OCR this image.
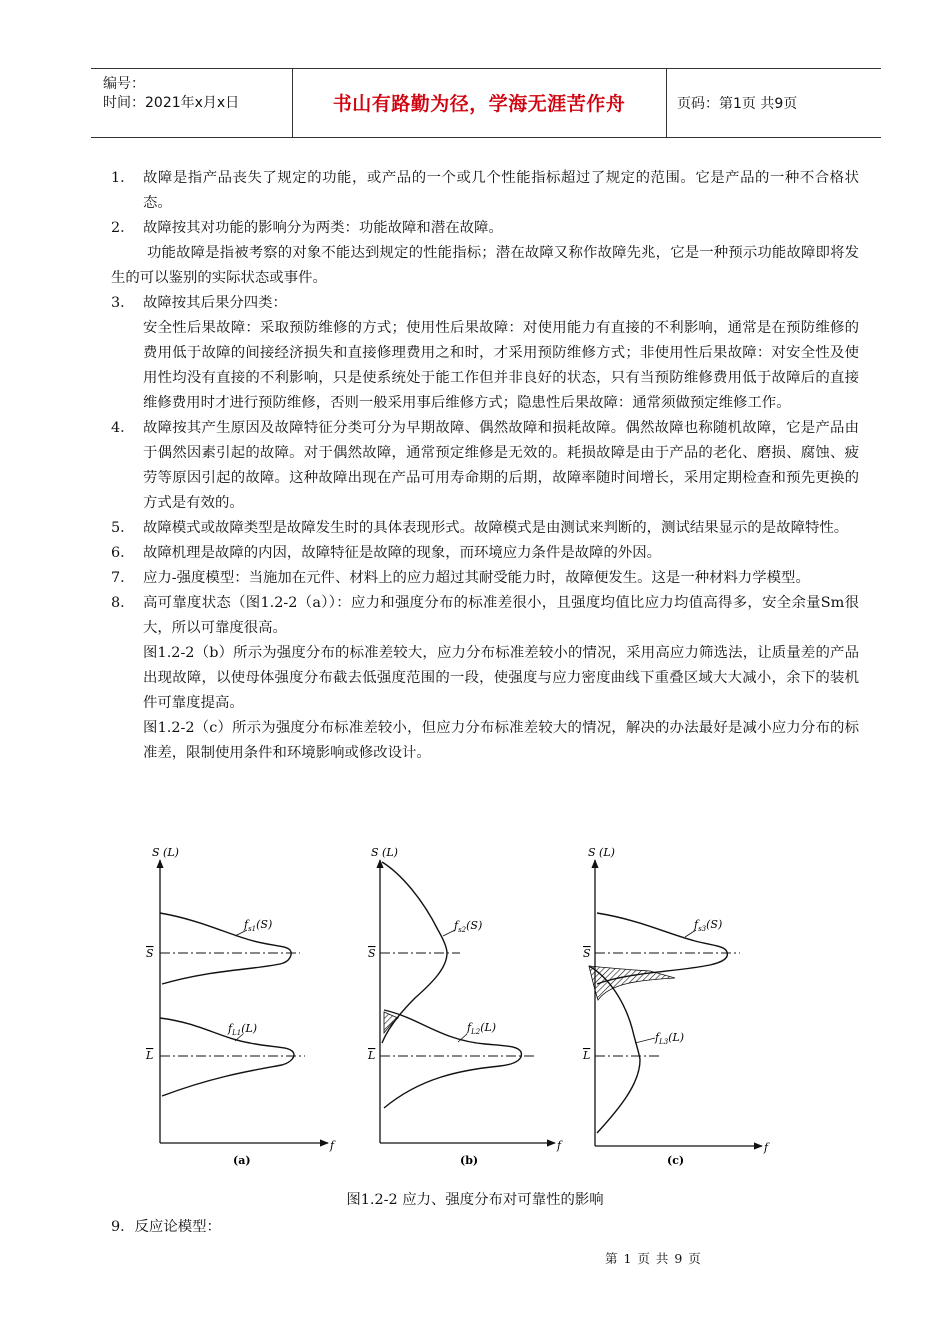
编号：
时间：2021年x月x日	书山有路勤为径，学海无涯苦作舟	页码：第1页 共9页
1． 故障是指产品丧失了规定的功能，或产品的一个或几个性能指标超过了规定的范围。它是产品的一种不合格状态。
2． 故障按其对功能的影响分为两类：功能故障和潜在故障。
功能故障是指被考察的对象不能达到规定的性能指标；潜在故障又称作故障先兆，它是一种预示功能故障即将发生的可以鉴别的实际状态或事件。
3． 故障按其后果分四类：
安全性后果故障：采取预防维修的方式；使用性后果故障：对使用能力有直接的不利影响，通常是在预防维修的费用低于故障的间接经济损失和直接修理费用之和时，才采用预防维修方式；非使用性后果故障：对安全性及使用性均没有直接的不利影响，只是使系统处于能工作但并非良好的状态，只有当预防维修费用低于故障后的直接维修费用时才进行预防维修，否则一般采用事后维修方式；隐患性后果故障：通常须做预定维修工作。
4． 故障按其产生原因及故障特征分类可分为早期故障、偶然故障和损耗故障。偶然故障也称随机故障，它是产品由于偶然因素引起的故障。对于偶然故障，通常预定维修是无效的。耗损故障是由于产品的老化、磨损、腐蚀、疲劳等原因引起的故障。这种故障出现在产品可用寿命期的后期，故障率随时间增长，采用定期检查和预先更换的方式是有效的。
5． 故障模式或故障类型是故障发生时的具体表现形式。故障模式是由测试来判断的，测试结果显示的是故障特性。
6． 故障机理是故障的内因，故障特征是故障的现象，而环境应力条件是故障的外因。
7． 应力-强度模型：当施加在元件、材料上的应力超过其耐受能力时，故障便发生。这是一种材料力学模型。
8． 高可靠度状态（图1.2-2（a））：应力和强度分布的标准差很小，且强度均值比应力均值高得多，安全余量Sm很大，所以可靠度很高。
图1.2-2（b）所示为强度分布的标准差较大，应力分布标准差较小的情况，采用高应力筛选法，让质量差的产品出现故障，以使母体强度分布截去低强度范围的一段，使强度与应力密度曲线下重叠区域大大减小，余下的装机件可靠度提高。
图1.2-2（c）所示为强度分布标准差较小，但应力分布标准差较大的情况，解决的办法最好是减小应力分布的标准差，限制使用条件和环境影响或修改设计。
S (L)
f
S
L
$f_{s1}(S)$
$f_{L1}(L)$
(a)
S (L)
f
S
L
$f_{s2}(S)$
$f_{L2}(L)$
(b)
S (L)
f
S
L
$f_{s3}(S)$
$f_{L3}(L)$
(c)
图1.2-2 应力、强度分布对可靠性的影响
9．反应论模型：
第 1 页 共 9 页
